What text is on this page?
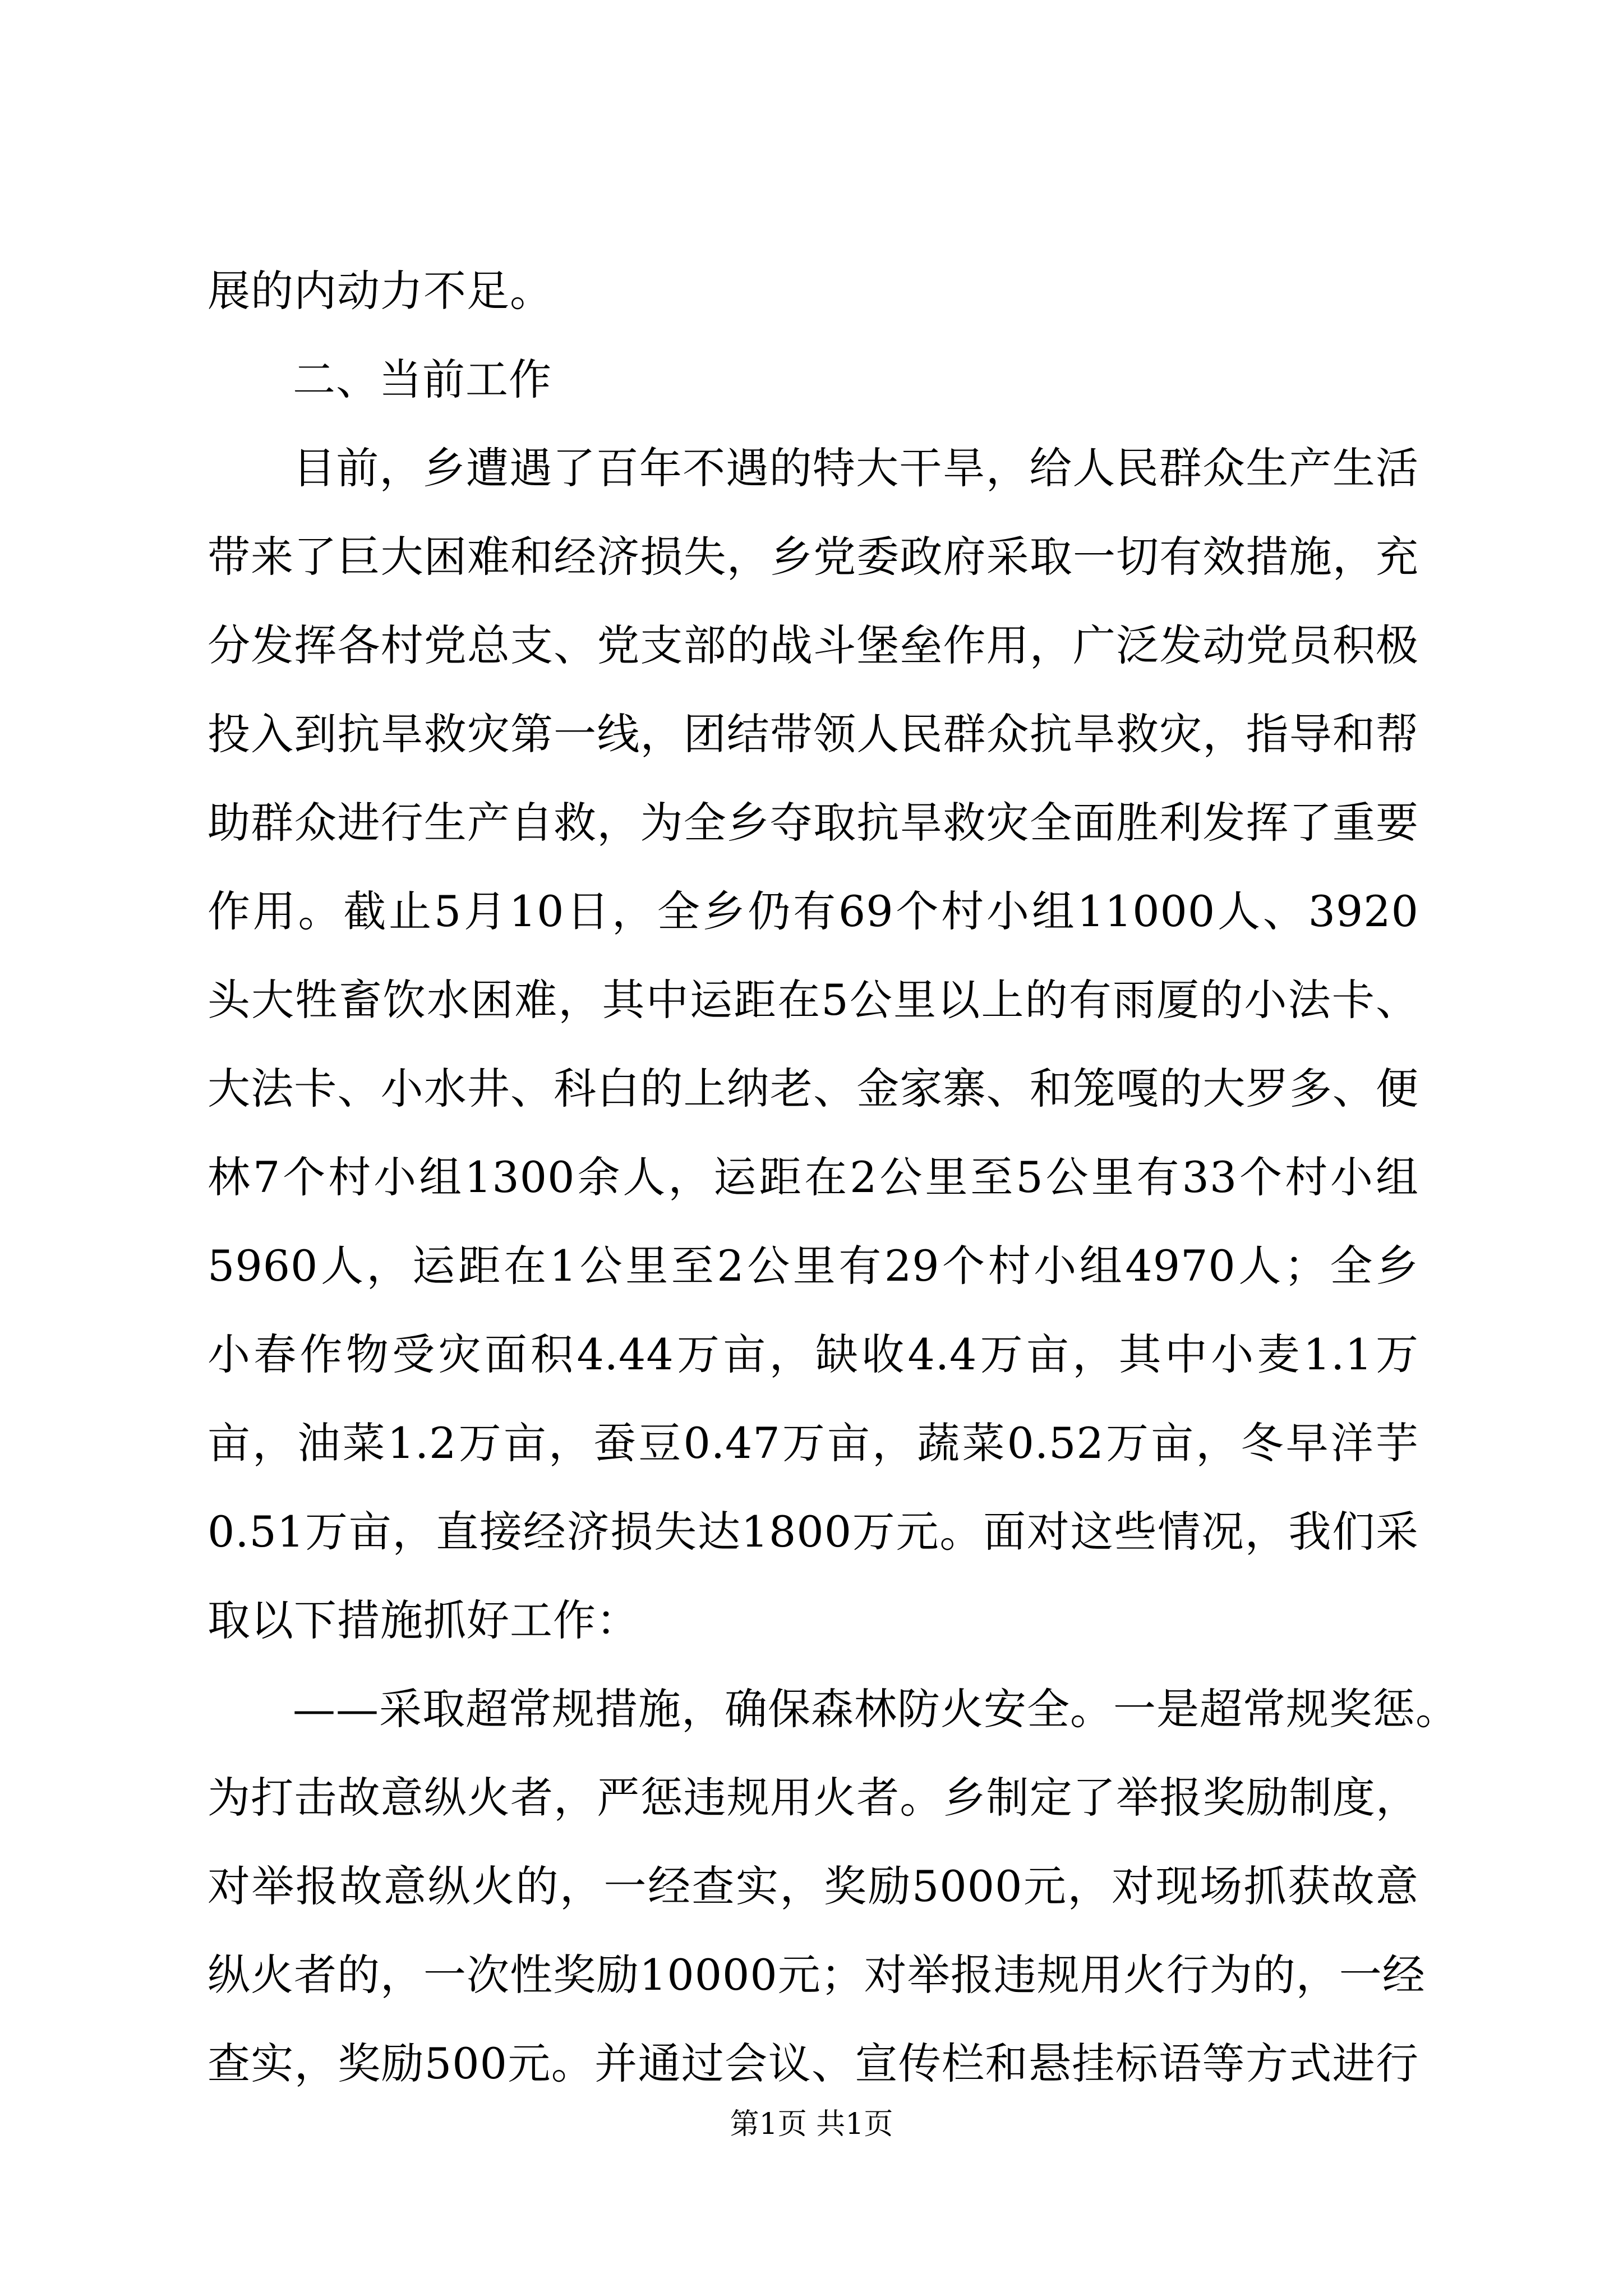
展的内动力不足。
二、当前工作
目前，乡遭遇了百年不遇的特大干旱，给人民群众生产生活
带来了巨大困难和经济损失，乡党委政府采取一切有效措施，充
分发挥各村党总支、党支部的战斗堡垒作用，广泛发动党员积极
投入到抗旱救灾第一线，团结带领人民群众抗旱救灾，指导和帮
助群众进行生产自救，为全乡夺取抗旱救灾全面胜利发挥了重要
作用。截止5月10日，全乡仍有69个村小组11000人、3920
头大牲畜饮水困难，其中运距在5公里以上的有雨厦的小法卡、
大法卡、小水井、科白的上纳老、金家寨、和笼嘎的大罗多、便
林7个村小组1300余人，运距在2公里至5公里有33个村小组
5960人，运距在1公里至2公里有29个村小组4970人；全乡
小春作物受灾面积4.44万亩，缺收4.4万亩，其中小麦1.1万
亩，油菜1.2万亩，蚕豆0.47万亩，蔬菜0.52万亩，冬早洋芋
0.51万亩，直接经济损失达1800万元。面对这些情况，我们采
取以下措施抓好工作：
——采取超常规措施，确保森林防火安全。一是超常规奖惩。
为打击故意纵火者，严惩违规用火者。乡制定了举报奖励制度，
对举报故意纵火的，一经查实，奖励5000元，对现场抓获故意
纵火者的，一次性奖励10000元；对举报违规用火行为的，一经
查实，奖励500元。并通过会议、宣传栏和悬挂标语等方式进行
第1页 共1页
